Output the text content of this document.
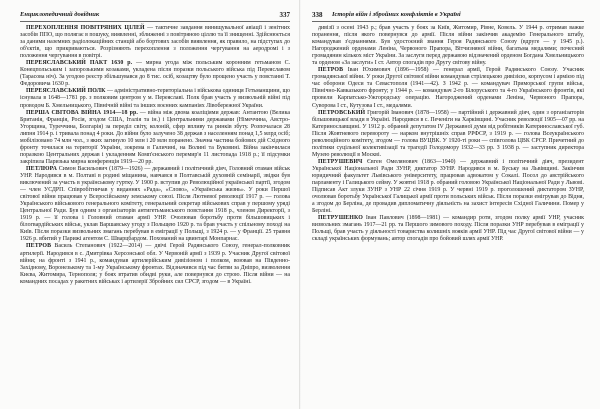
Енциклопедичний довідник	337

ПЕРЕХОПЛЕННЯ ПОВІТРЯНИХ ЦІЛЕЙ — тактичне завдання винищувальної авіації і зенітних засобів ППО, що полягає в пошуку, виявленні, зближенні з повітряною ціллю та її знищенні. Здійснюється за даними наземних радіолокаційних станцій або бортових засобів виявлення, як правило, на підступах до об'єктів, що прикриваються. Розрізняють перехоплення з положення чергування на аеродромі і з положення чергування в повітрі.

ПЕРЕЯСЛАВСЬКИЙ ПАКТ 1630 р. — мирна угода між польським коронним гетьманом С. Конецпольським і запорозькими козаками, укладена після поразки польського війська під Переяславом (Тарасова ніч). За угодою реєстр збільшувався до 8 тис. осіб, козацтву було прощено участь у повстанні Т. Федоровича 1630 р.

ПЕРЕЯСЛАВСЬКИЙ ПОЛК — адміністративно-територіальна і військова одиниця Гетьманщини, що існувала в 1648—1781 рр. з полковим центром у м. Переяславі. Полк брав участь у визвольній війні під проводом Б. Хмельницького, Північній війні та інших воєнних кампаніях Лівобережної України.

ПЕРША СВІТОВА ВІЙНА 1914—18 рр. — війна між двома коаліціями держав: Антантою (Велика Британія, Франція, Росія, згодом США, Італія та ін.) і Центральними державами (Німеччина, Австро-Угорщина, Туреччина, Болгарія) за переділ світу, колоній, сфер впливу та ринків збуту. Розпочалася 28 липня 1914 р. і тривала понад 4 роки. До війни було залучено 38 держав з населенням понад 1,5 млрд осіб; мобілізовано 74 млн чол., з яких загинуло 10 млн і 20 млн поранено. Значна частина бойових дій Східного фронту точилася на території України, зокрема в Галичині, на Волині та Буковині. Війна закінчилася поразкою Центральних держав і укладенням Комп'єнського перемир'я 11 листопада 1918 р.; її підсумки закріпила Паризька мирна конференція 1919—20 рр.

ПЕТЛЮРА Симон Васильович (1879—1926) — державний і політичний діяч, Головний отаман військ УНР. Народився в м. Полтаві в родині міщанина, навчався в Полтавській духовній семінарії, звідки був виключений за участь в українському гуртку. У 1900 р. вступив до Революційної української партії, згодом — член УСДРП. Співробітничав у виданнях «Рада», «Слово», «Українська жизнь». У роки Першої світової війни працював у Всеросійському земському союзі. Після Лютневої революції 1917 р. — голова Українського військового генерального комітету, генеральний секретар військових справ у першому уряді Центральної Ради. Був одним з організаторів антигетьманського повстання 1918 р., членом Директорії, з 1919 р. — її голова і Головний отаман армії УНР. Очолював боротьбу проти більшовицьких і білогвардійських військ, уклав Варшавську угоду з Польщею 1920 р. та брав участь у спільному поході на Київ. Після поразки визвольних змагань перебував в еміграції у Польщі, з 1924 р. — у Франції. 25 травня 1926 р. вбитий у Парижі агентом С. Шварцбардом. Похований на цвинтарі Монпарнас.

ПЕТРОВ Василь Степанович (1922—2014) — двічі Герой Радянського Союзу, генерал-полковник артилерії. Народився в с. Дмитрівка Херсонської обл. У Червоній армії з 1939 р. Учасник Другої світової війни; на фронті з 1941 р., командував артилерійським дивізіоном і полком, воював на Південно-Західному, Воронезькому та 1-му Українському фронтах. Відзначився під час битви за Дніпро, визволення Києва, Житомира, Тернополя; у боях втратив обидві руки, але повернувся до строю. Після війни — на командних посадах у ракетних військах і артилерії Збройних сил СРСР, згодом — в Україні.

338 Історія війн і збройних конфліктів в Україні

дивізії з осені 1943 р.; брав участь у боях за Київ, Житомир, Рівне, Ковель. У 1944 р. отримав важке поранення, після якого повернувся до армії. Після війни закінчив академію Генерального штабу, командував з'єднаннями. Був удостоєний звання Героя Радянського Союзу (вдруге — у 1945 р.). Нагороджений орденами Леніна, Червоного Прапора, Вітчизняної війни, багатьма медалями; почесний громадянин кількох міст України. За заслуги перед державою відзначений орденом Богдана Хмельницького та орденом «За заслуги» I ст. Автор спогадів про Другу світову війну.

ПЕТРОВ Іван Юхимович (1896—1958) — генерал армії, Герой Радянського Союзу. Учасник громадянської війни. У роки Другої світової війни командував стрілецькою дивізією, корпусом і армією під час оборони Одеси та Севастополя (1941—42). З 1942 р. — командувач Приморської групи військ, Північно-Кавказького фронту; у 1944 р. — командувач 2-го Білоруського та 4-го Українського фронтів, які провели Карпатсько-Ужгородську операцію. Нагороджений орденами Леніна, Червоного Прапора, Суворова I ст., Кутузова I ст., медалями.

ПЕТРОВСЬКИЙ Григорій Іванович (1878—1958) — партійний і державний діяч, один з організаторів більшовицької влади в Україні. Народився в с. Печеніги на Харківщині. Учасник революції 1905—07 рр. на Катеринославщині. У 1912 р. обраний депутатом IV Державної думи від робітників Катеринославської губ. Після Жовтневого перевороту — нарком внутрішніх справ РРФСР, з 1919 р. — голова Всеукраїнського революційного комітету, згодом — голова ВУЦВК. У 1920-ті роки — співголова ЦВК СРСР. Причетний до політики суцільної колективізації та трагедії Голодомору 1932—33 рр. З 1938 р. — заступник директора Музею революції в Москві.

ПЕТРУШЕВИЧ Євген Омелянович (1863—1940) — державний і політичний діяч, президент Української Національної Ради ЗУНР, диктатор ЗУНР. Народився в м. Буську на Львівщині. Закінчив юридичний факультет Львівського університету, працював адвокатом у Сокалі. Посол до австрійського парламенту і Галицького сейму. У жовтні 1918 р. обраний головою Української Національної Ради у Львові. Підписав Акт злуки ЗУНР з УНР 22 січня 1919 р. У червні 1919 р. проголошений диктатором ЗУНР, очолював боротьбу Української Галицької армії проти польських військ. Після поразки емігрував до Відня, а згодом до Берліна, де провадив дипломатичну діяльність на захист інтересів Східної Галичини. Помер у Берліні.

ПЕТРУШЕНКО Іван Павлович (1898—1981) — командир роти, згодом полку армії УНР, учасник визвольних змагань 1917—21 рр. та Першого зимового походу. Після поразки УНР перебував в еміграції у Польщі, брав участь у діяльності товариства колишніх вояків армії УНР. Під час Другої світової війни — у складі українських формувань; автор спогадів про бойовий шлях армії УНР.
